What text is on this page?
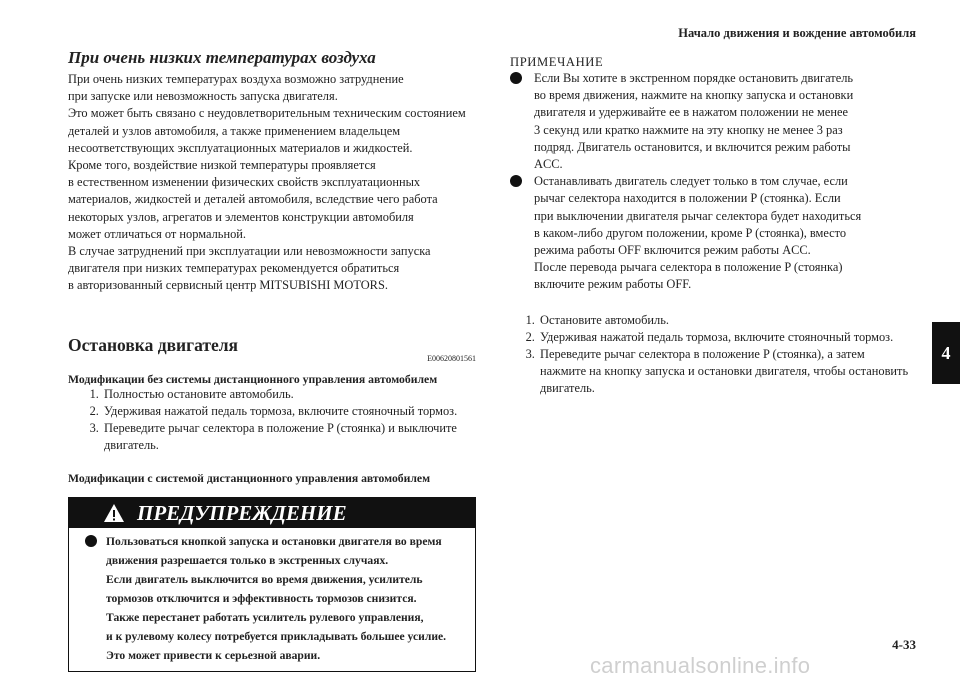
Начало движения и вождение автомобиля
4
4-33
carmanualsonline.info
При очень низких температурах воздуха
При очень низких температурах воздуха возможно затруднение
при запуске или невозможность запуска двигателя.
Это может быть связано с неудовлетворительным техническим состоянием
деталей и узлов автомобиля, а также применением владельцем
несоответствующих эксплуатационных материалов и жидкостей.
Кроме того, воздействие низкой температуры проявляется
в естественном изменении физических свойств эксплуатационных
материалов, жидкостей и деталей автомобиля, вследствие чего работа
некоторых узлов, агрегатов и элементов конструкции автомобиля
может отличаться от нормальной.
В случае затруднений при эксплуатации или невозможности запуска
двигателя при низких температурах рекомендуется обратиться
в авторизованный сервисный центр MITSUBISHI MOTORS.
Остановка двигателя
E00620801561
Модификации без системы дистанционного управления автомобилем
1. Полностью остановите автомобиль.
2. Удерживая нажатой педаль тормоза, включите стояночный тормоз.
3. Переведите рычаг селектора в положение P (стоянка) и выключите двигатель.
Модификации с системой дистанционного управления автомобилем
ПРЕДУПРЕЖДЕНИЕ
Пользоваться кнопкой запуска и остановки двигателя во время
движения разрешается только в экстренных случаях.
Если двигатель выключится во время движения, усилитель
тормозов отключится и эффективность тормозов снизится.
Также перестанет работать усилитель рулевого управления,
и к рулевому колесу потребуется прикладывать большее усилие.
Это может привести к серьезной аварии.
ПРИМЕЧАНИЕ
Если Вы хотите в экстренном порядке остановить двигатель
во время движения, нажмите на кнопку запуска и остановки
двигателя и удерживайте ее в нажатом положении не менее
3 секунд или кратко нажмите на эту кнопку не менее 3 раз
подряд. Двигатель остановится, и включится режим работы
ACC.
Останавливать двигатель следует только в том случае, если
рычаг селектора находится в положении P (стоянка). Если
при выключении двигателя рычаг селектора будет находиться
в каком-либо другом положении, кроме P (стоянка), вместо
режима работы OFF включится режим работы ACC.
После перевода рычага селектора в положение P (стоянка)
включите режим работы OFF.
1. Остановите автомобиль.
2. Удерживая нажатой педаль тормоза, включите стояночный тормоз.
3. Переведите рычаг селектора в положение P (стоянка), а затем нажмите на кнопку запуска и остановки двигателя, чтобы остановить двигатель.
